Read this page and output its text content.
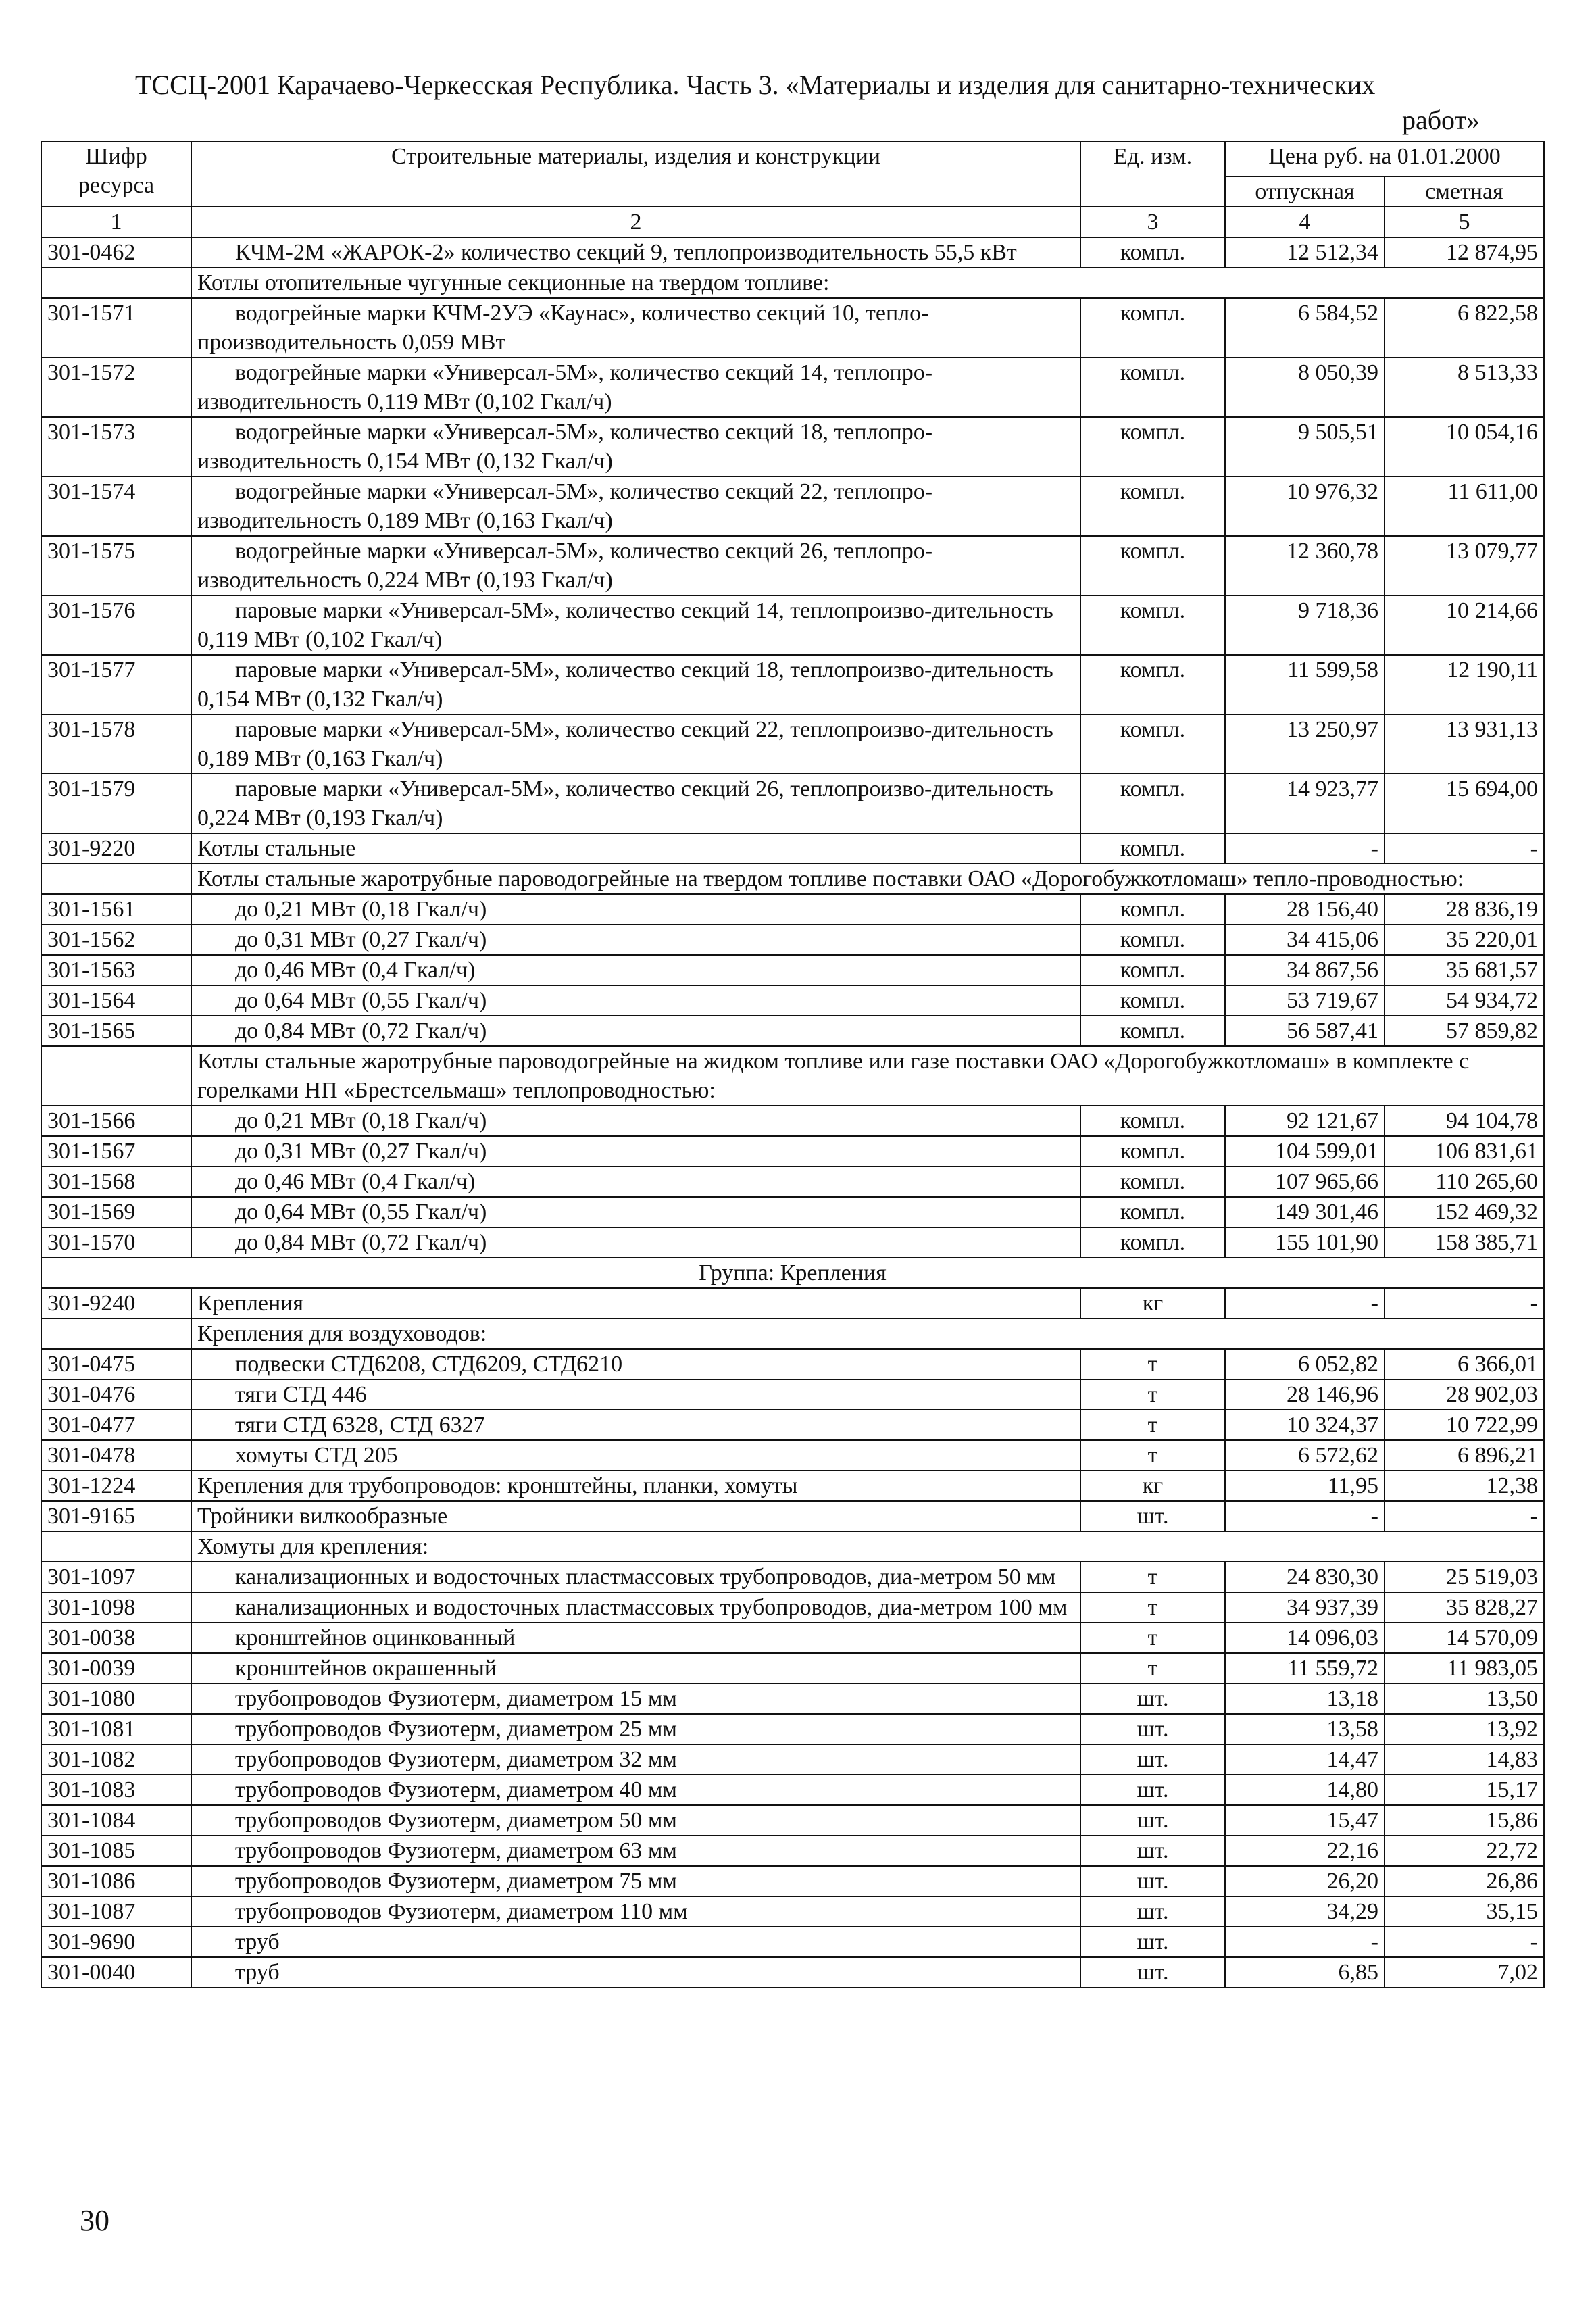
ТССЦ-2001 Карачаево-Черкесская Республика. Часть 3. «Материалы и изделия для санитарно-технических
работ»
Шифр ресурса	Строительные материалы, изделия и конструкции	Ед. изм.	Цена руб. на 01.01.2000	
			отпускная	сметная
1	2	3	4	5
301-0462	КЧМ-2М «ЖАРОК-2» количество секций 9, теплопроизводительность 55,5 кВт	компл.	12 512,34	12 874,95
	Котлы отопительные чугунные секционные на твердом топливе:			
301-1571	водогрейные марки КЧМ-2УЭ «Каунас», количество секций 10, тепло-производительность 0,059 МВт	компл.	6 584,52	6 822,58
301-1572	водогрейные марки «Универсал-5М», количество секций 14, теплопро-изводительность 0,119 МВт (0,102 Гкал/ч)	компл.	8 050,39	8 513,33
301-1573	водогрейные марки «Универсал-5М», количество секций 18, теплопро-изводительность 0,154 МВт (0,132 Гкал/ч)	компл.	9 505,51	10 054,16
301-1574	водогрейные марки «Универсал-5М», количество секций 22, теплопро-изводительность 0,189 МВт (0,163 Гкал/ч)	компл.	10 976,32	11 611,00
301-1575	водогрейные марки «Универсал-5М», количество секций 26, теплопро-изводительность 0,224 МВт (0,193 Гкал/ч)	компл.	12 360,78	13 079,77
301-1576	паровые марки «Универсал-5М», количество секций 14, теплопроизво-дительность 0,119 МВт (0,102 Гкал/ч)	компл.	9 718,36	10 214,66
301-1577	паровые марки «Универсал-5М», количество секций 18, теплопроизво-дительность 0,154 МВт (0,132 Гкал/ч)	компл.	11 599,58	12 190,11
301-1578	паровые марки «Универсал-5М», количество секций 22, теплопроизво-дительность 0,189 МВт (0,163 Гкал/ч)	компл.	13 250,97	13 931,13
301-1579	паровые марки «Универсал-5М», количество секций 26, теплопроизво-дительность 0,224 МВт (0,193 Гкал/ч)	компл.	14 923,77	15 694,00
301-9220	Котлы стальные	компл.	-	-
	Котлы стальные жаротрубные пароводогрейные на твердом топливе поставки ОАО «Дорогобужкотломаш» тепло-проводностью:			
301-1561	до 0,21 МВт (0,18 Гкал/ч)	компл.	28 156,40	28 836,19
301-1562	до 0,31 МВт (0,27 Гкал/ч)	компл.	34 415,06	35 220,01
301-1563	до 0,46 МВт (0,4 Гкал/ч)	компл.	34 867,56	35 681,57
301-1564	до 0,64 МВт (0,55 Гкал/ч)	компл.	53 719,67	54 934,72
301-1565	до 0,84 МВт (0,72 Гкал/ч)	компл.	56 587,41	57 859,82
	Котлы стальные жаротрубные пароводогрейные на жидком топливе или газе поставки ОАО «Дорогобужкотломаш» в комплекте с горелками НП «Брестсельмаш» теплопроводностью:			
301-1566	до 0,21 МВт (0,18 Гкал/ч)	компл.	92 121,67	94 104,78
301-1567	до 0,31 МВт (0,27 Гкал/ч)	компл.	104 599,01	106 831,61
301-1568	до 0,46 МВт (0,4 Гкал/ч)	компл.	107 965,66	110 265,60
301-1569	до 0,64 МВт (0,55 Гкал/ч)	компл.	149 301,46	152 469,32
301-1570	до 0,84 МВт (0,72 Гкал/ч)	компл.	155 101,90	158 385,71
Группа: Крепления				
301-9240	Крепления	кг	-	-
	Крепления для воздуховодов:			
301-0475	подвески СТД6208, СТД6209, СТД6210	т	6 052,82	6 366,01
301-0476	тяги СТД 446	т	28 146,96	28 902,03
301-0477	тяги СТД 6328, СТД 6327	т	10 324,37	10 722,99
301-0478	хомуты СТД 205	т	6 572,62	6 896,21
301-1224	Крепления для трубопроводов: кронштейны, планки, хомуты	кг	11,95	12,38
301-9165	Тройники вилкообразные	шт.	-	-
	Хомуты для крепления:			
301-1097	канализационных и водосточных пластмассовых трубопроводов, диа-метром 50 мм	т	24 830,30	25 519,03
301-1098	канализационных и водосточных пластмассовых трубопроводов, диа-метром 100 мм	т	34 937,39	35 828,27
301-0038	кронштейнов оцинкованный	т	14 096,03	14 570,09
301-0039	кронштейнов окрашенный	т	11 559,72	11 983,05
301-1080	трубопроводов Фузиотерм, диаметром 15 мм	шт.	13,18	13,50
301-1081	трубопроводов Фузиотерм, диаметром 25 мм	шт.	13,58	13,92
301-1082	трубопроводов Фузиотерм, диаметром 32 мм	шт.	14,47	14,83
301-1083	трубопроводов Фузиотерм, диаметром 40 мм	шт.	14,80	15,17
301-1084	трубопроводов Фузиотерм, диаметром 50 мм	шт.	15,47	15,86
301-1085	трубопроводов Фузиотерм, диаметром 63 мм	шт.	22,16	22,72
301-1086	трубопроводов Фузиотерм, диаметром 75 мм	шт.	26,20	26,86
301-1087	трубопроводов Фузиотерм, диаметром 110 мм	шт.	34,29	35,15
301-9690	труб	шт.	-	-
301-0040	труб	шт.	6,85	7,02
30
